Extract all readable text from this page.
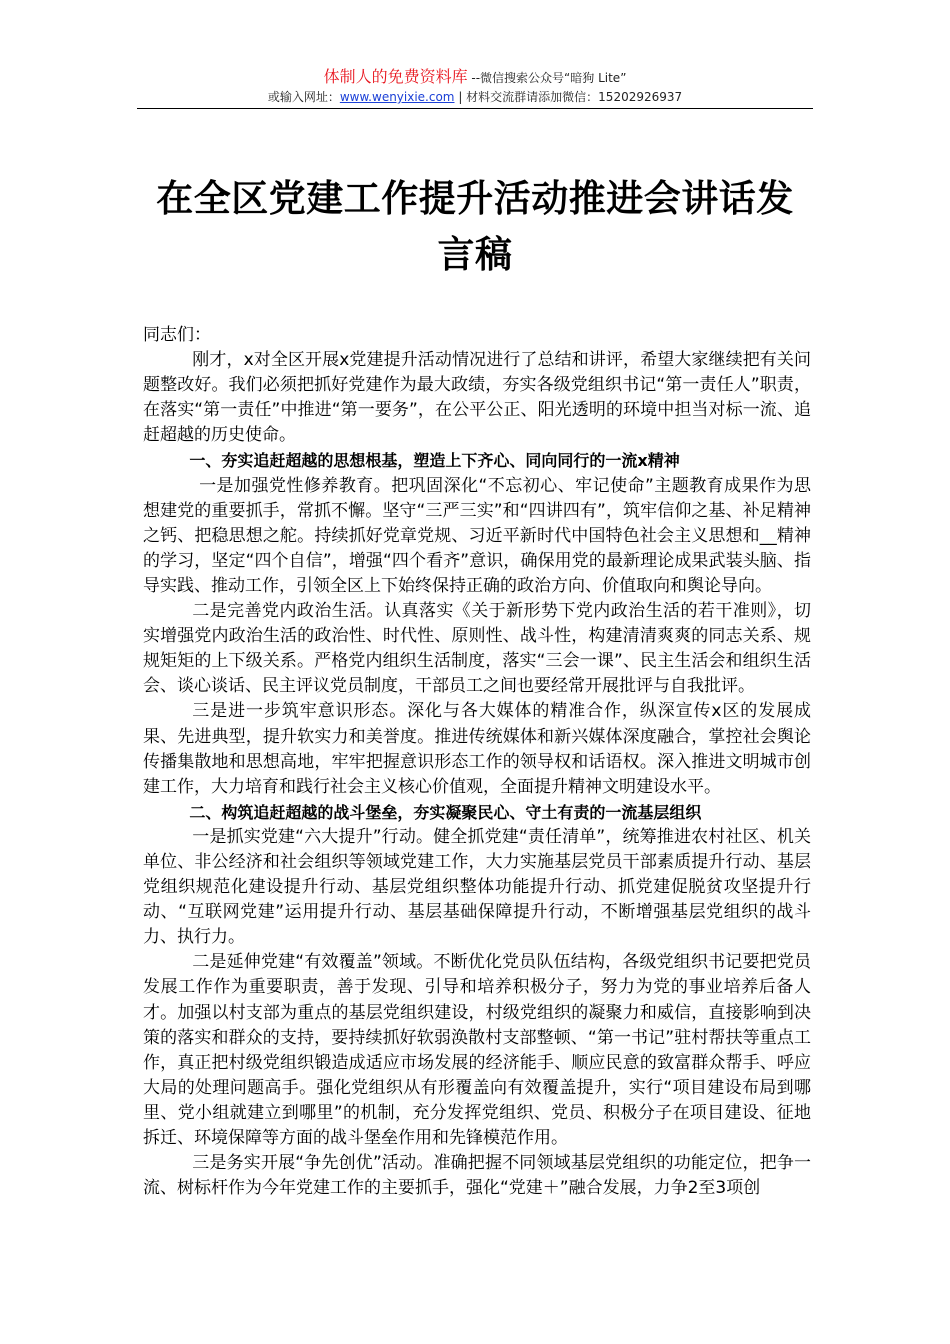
体制人的免费资料库 --微信搜索公众号“暗狗 Lite”
或输入网址：www.wenyixie.com | 材料交流群请添加微信：15202926937
在全区党建工作提升活动推进会讲话发言稿

同志们：

刚才，x对全区开展x党建提升活动情况进行了总结和讲评，希望大家继续把有关问题整改好。我们必须把抓好党建作为最大政绩，夯实各级党组织书记“第一责任人”职责，在落实“第一责任”中推进“第一要务”，在公平公正、阳光透明的环境中担当对标一流、追赶超越的历史使命。

一、夯实追赶超越的思想根基，塑造上下齐心、同向同行的一流x精神

一是加强党性修养教育。把巩固深化“不忘初心、牢记使命”主题教育成果作为思想建党的重要抓手，常抓不懈。坚守“三严三实”和“四讲四有”，筑牢信仰之基、补足精神之钙、把稳思想之舵。持续抓好党章党规、习近平新时代中国特色社会主义思想和__精神的学习，坚定“四个自信”，增强“四个看齐”意识，确保用党的最新理论成果武装头脑、指导实践、推动工作，引领全区上下始终保持正确的政治方向、价值取向和舆论导向。

二是完善党内政治生活。认真落实《关于新形势下党内政治生活的若干准则》，切实增强党内政治生活的政治性、时代性、原则性、战斗性，构建清清爽爽的同志关系、规规矩矩的上下级关系。严格党内组织生活制度，落实“三会一课”、民主生活会和组织生活会、谈心谈话、民主评议党员制度，干部员工之间也要经常开展批评与自我批评。

三是进一步筑牢意识形态。深化与各大媒体的精准合作，纵深宣传x区的发展成果、先进典型，提升软实力和美誉度。推进传统媒体和新兴媒体深度融合，掌控社会舆论传播集散地和思想高地，牢牢把握意识形态工作的领导权和话语权。深入推进文明城市创建工作，大力培育和践行社会主义核心价值观，全面提升精神文明建设水平。

二、构筑追赶超越的战斗堡垒，夯实凝聚民心、守土有责的一流基层组织

一是抓实党建“六大提升”行动。健全抓党建“责任清单”，统筹推进农村社区、机关单位、非公经济和社会组织等领域党建工作，大力实施基层党员干部素质提升行动、基层党组织规范化建设提升行动、基层党组织整体功能提升行动、抓党建促脱贫攻坚提升行动、“互联网党建”运用提升行动、基层基础保障提升行动，不断增强基层党组织的战斗力、执行力。

二是延伸党建“有效覆盖”领域。不断优化党员队伍结构，各级党组织书记要把党员发展工作作为重要职责，善于发现、引导和培养积极分子，努力为党的事业培养后备人才。加强以村支部为重点的基层党组织建设，村级党组织的凝聚力和威信，直接影响到决策的落实和群众的支持，要持续抓好软弱涣散村支部整顿、“第一书记”驻村帮扶等重点工作，真正把村级党组织锻造成适应市场发展的经济能手、顺应民意的致富群众帮手、呼应大局的处理问题高手。强化党组织从有形覆盖向有效覆盖提升，实行“项目建设布局到哪里、党小组就建立到哪里”的机制，充分发挥党组织、党员、积极分子在项目建设、征地拆迁、环境保障等方面的战斗堡垒作用和先锋模范作用。

三是务实开展“争先创优”活动。准确把握不同领域基层党组织的功能定位，把争一流、树标杆作为今年党建工作的主要抓手，强化“党建＋”融合发展，力争2至3项创
